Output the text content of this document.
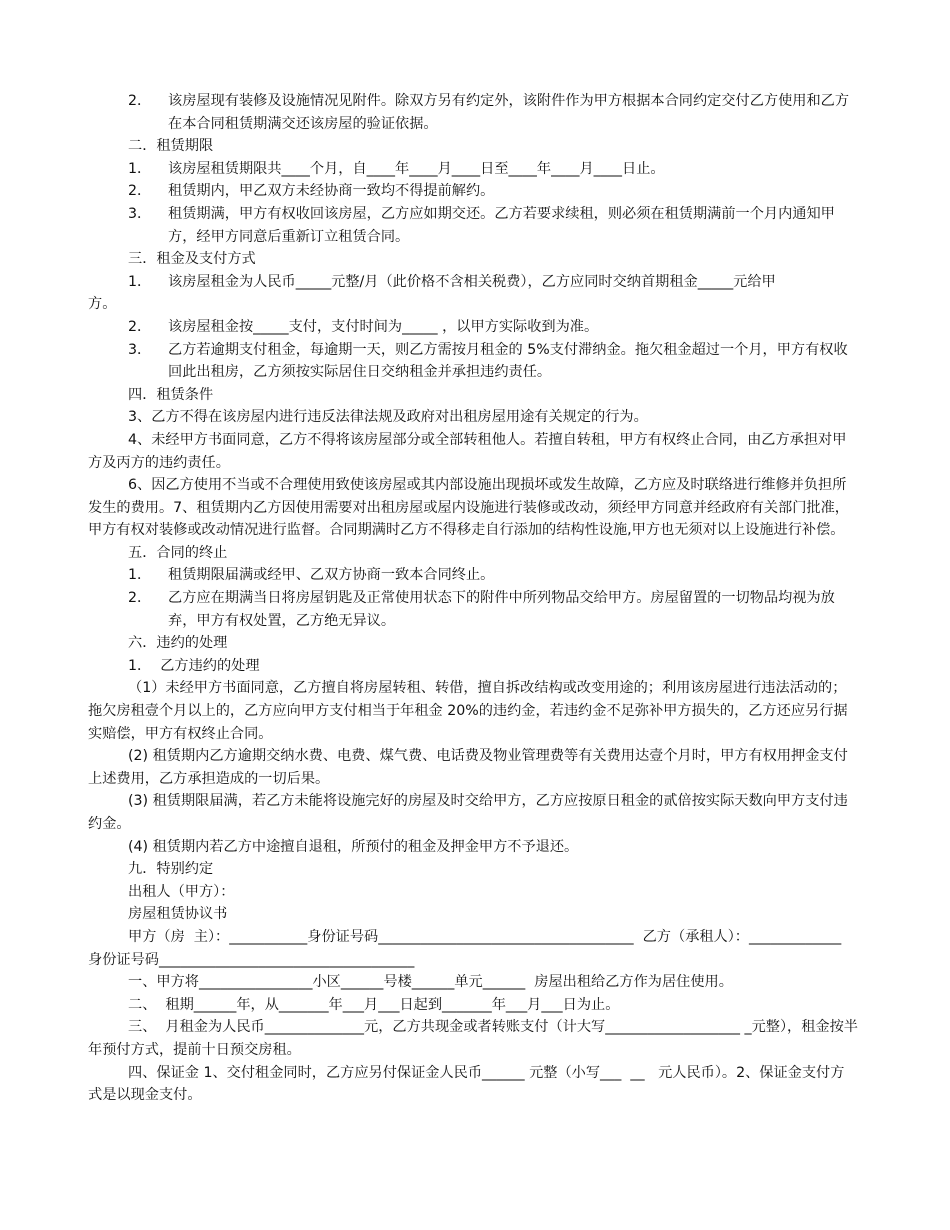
2．	该房屋现有装修及设施情况见附件。除双方另有约定外，该附件作为甲方根据本合同约定交付乙方使用和乙方在本合同租赁期满交还该房屋的验证依据。

二．租赁期限

1．	该房屋租赁期限共____个月，自____年____月____日至____年____月____日止。
2．	租赁期内，甲乙双方未经协商一致均不得提前解约。
3．	租赁期满，甲方有权收回该房屋，乙方应如期交还。乙方若要求续租，则必须在租赁期满前一个月内通知甲方，经甲方同意后重新订立租赁合同。

三．租金及支付方式

1．	该房屋租金为人民币_____元整/月（此价格不含相关税费），乙方应同时交纳首期租金_____元给甲

方。

2．	该房屋租金按_____支付，支付时间为_____ ，以甲方实际收到为准。
3．	乙方若逾期支付租金，每逾期一天，则乙方需按月租金的 5%支付滞纳金。拖欠租金超过一个月，甲方有权收回此出租房，乙方须按实际居住日交纳租金并承担违约责任。

四．租赁条件

3、乙方不得在该房屋内进行违反法律法规及政府对出租房屋用途有关规定的行为。

4、未经甲方书面同意，乙方不得将该房屋部分或全部转租他人。若擅自转租，甲方有权终止合同，由乙方承担对甲方及丙方的违约责任。

6、因乙方使用不当或不合理使用致使该房屋或其内部设施出现损坏或发生故障，乙方应及时联络进行维修并负担所发生的费用。7、租赁期内乙方因使用需要对出租房屋或屋内设施进行装修或改动，须经甲方同意并经政府有关部门批准，甲方有权对装修或改动情况进行监督。合同期满时乙方不得移走自行添加的结构性设施,甲方也无须对以上设施进行补偿。

五．合同的终止

1．	租赁期限届满或经甲、乙双方协商一致本合同终止。
2．	乙方应在期满当日将房屋钥匙及正常使用状态下的附件中所列物品交给甲方。房屋留置的一切物品均视为放弃，甲方有权处置，乙方绝无异议。

六．违约的处理

1．  乙方违约的处理

（1）未经甲方书面同意，乙方擅自将房屋转租、转借，擅自拆改结构或改变用途的；利用该房屋进行违法活动的；拖欠房租壹个月以上的，乙方应向甲方支付相当于年租金 20%的违约金，若违约金不足弥补甲方损失的，乙方还应另行据实赔偿，甲方有权终止合同。

(2) 租赁期内乙方逾期交纳水费、电费、煤气费、电话费及物业管理费等有关费用达壹个月时，甲方有权用押金支付上述费用，乙方承担造成的一切后果。

(3) 租赁期限届满，若乙方未能将设施完好的房屋及时交给甲方，乙方应按原日租金的贰倍按实际天数向甲方支付违约金。

(4) 租赁期内若乙方中途擅自退租，所预付的租金及押金甲方不予退还。

九．特别约定

出租人（甲方）：

房屋租赁协议书

甲方（房  主）：___________身份证号码____________________________________  乙方（承租人）：_____________  身份证号码____________________________________

一、甲方将________________小区______号楼______单元______  房屋出租给乙方作为居住使用。

二、  租期______年，从_______年___月___日起到_______年___月___日为止。

三、  月租金为人民币______________元，乙方共现金或者转账支付（计大写___________________ _元整），租金按半年预付方式，提前十日预交房租。

四、保证金 1、交付租金同时，乙方应另付保证金人民币______ 元整（小写___  __   元人民币）。2、保证金支付方式是以现金支付。
